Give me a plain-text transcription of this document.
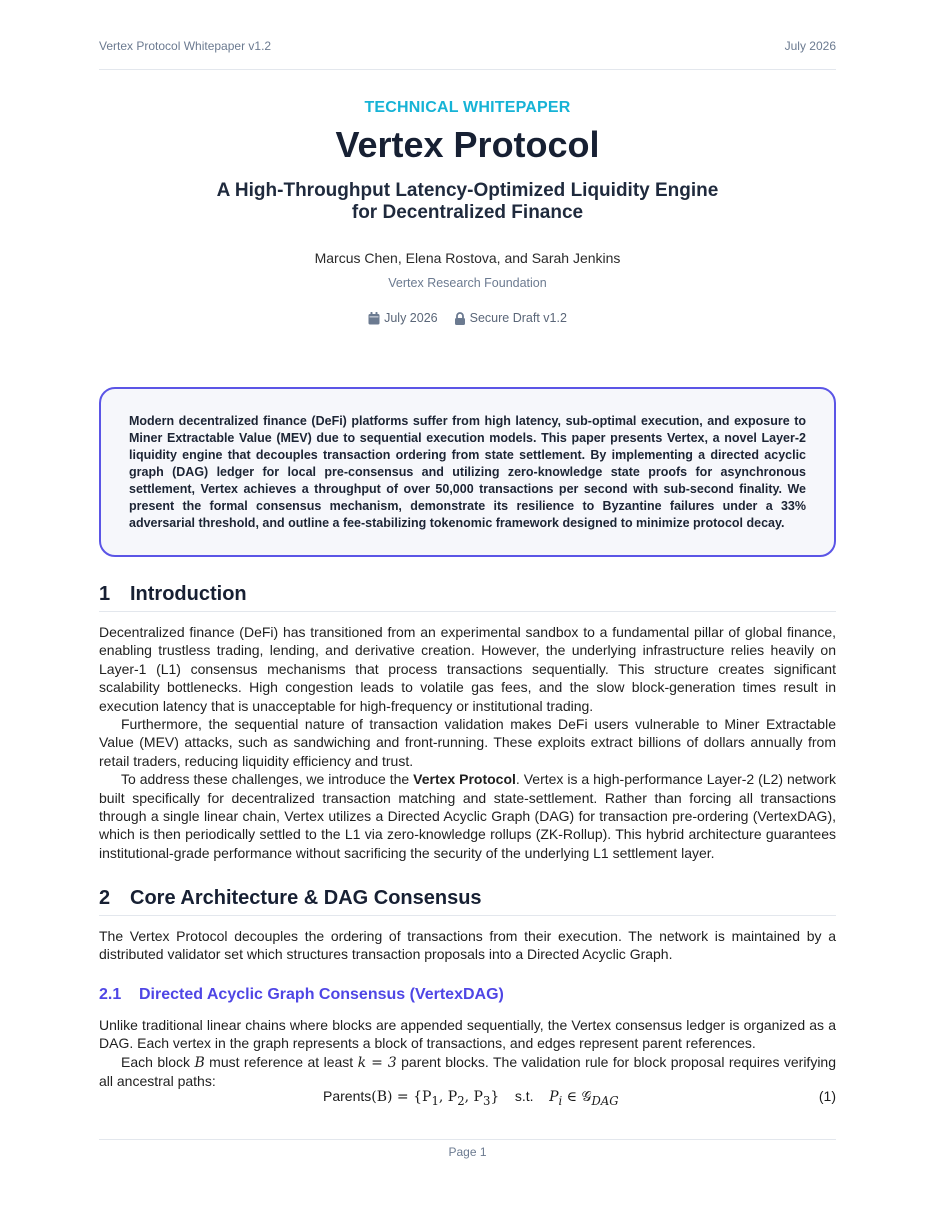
Vertex Protocol Whitepaper v1.2	July 2026
TECHNICAL WHITEPAPER
Vertex Protocol
A High-Throughput Latency-Optimized Liquidity Engine
for Decentralized Finance
Marcus Chen, Elena Rostova, and Sarah Jenkins
Vertex Research Foundation
July 2026	Secure Draft v1.2
Modern decentralized finance (DeFi) platforms suffer from high latency, sub-optimal execution, and exposure to Miner Extractable Value (MEV) due to sequential execution models. This paper presents Vertex, a novel Layer-2 liquidity engine that decouples transaction ordering from state settlement. By implementing a directed acyclic graph (DAG) ledger for local pre-consensus and utilizing zero-knowledge state proofs for asynchronous settlement, Vertex achieves a throughput of over 50,000 transactions per second with sub-second finality. We present the formal consensus mechanism, demonstrate its resilience to Byzantine failures under a 33% adversarial threshold, and outline a fee-stabilizing tokenomic framework designed to minimize protocol decay.
1 Introduction

Decentralized finance (DeFi) has transitioned from an experimental sandbox to a fundamental pillar of global finance, enabling trustless trading, lending, and derivative creation. However, the underlying infrastructure relies heavily on Layer-1 (L1) consensus mechanisms that process transactions sequentially. This structure creates significant scalability bottlenecks. High congestion leads to volatile gas fees, and the slow block-generation times result in execution latency that is unacceptable for high-frequency or institutional trading.

Furthermore, the sequential nature of transaction validation makes DeFi users vulnerable to Miner Extractable Value (MEV) attacks, such as sandwiching and front-running. These exploits extract billions of dollars annually from retail traders, reducing liquidity efficiency and trust.

To address these challenges, we introduce the Vertex Protocol. Vertex is a high-performance Layer-2 (L2) network built specifically for decentralized transaction matching and state-settlement. Rather than forcing all transactions through a single linear chain, Vertex utilizes a Directed Acyclic Graph (DAG) for transaction pre-ordering (VertexDAG), which is then periodically settled to the L1 via zero-knowledge rollups (ZK-Rollup). This hybrid architecture guarantees institutional-grade performance without sacrificing the security of the underlying L1 settlement layer.

2 Core Architecture & DAG Consensus

The Vertex Protocol decouples the ordering of transactions from their execution. The network is maintained by a distributed validator set which structures transaction proposals into a Directed Acyclic Graph.

2.1 Directed Acyclic Graph Consensus (VertexDAG)

Unlike traditional linear chains where blocks are appended sequentially, the Vertex consensus ledger is organized as a DAG. Each vertex in the graph represents a block of transactions, and edges represent parent references.

Each block B must reference at least k = 3 parent blocks. The validation rule for block proposal requires verifying all ancestral paths:

Parents(B) = {$P_1$, $P_2$, $P_3$} s.t. $P_i$ ∈ 𝒢$_{DAG}$	(1)
Page 1
